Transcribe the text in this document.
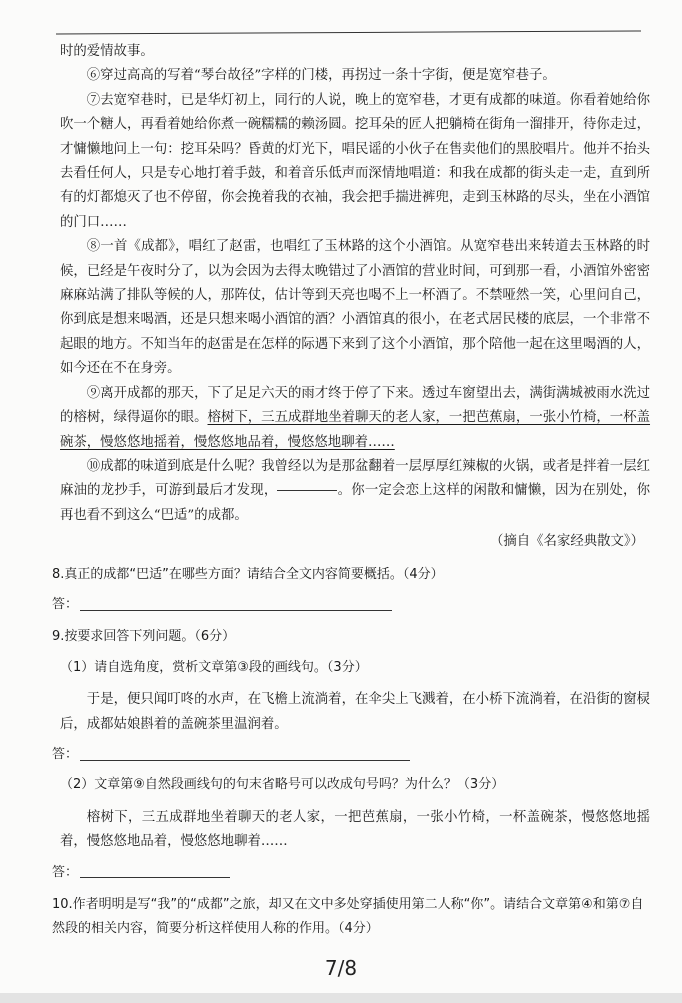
时的爱情故事。

⑥穿过高高的写着“琴台故径”字样的门楼，再拐过一条十字街，便是宽窄巷子。

⑦去宽窄巷时，已是华灯初上，同行的人说，晚上的宽窄巷，才更有成都的味道。你看着她给你吹一个糖人，再看着她给你煮一碗糯糯的赖汤圆。挖耳朵的匠人把躺椅在街角一溜排开，待你走过，才慵懒地问上一句：挖耳朵吗？昏黄的灯光下，唱民谣的小伙子在售卖他们的黑胶唱片。他并不抬头去看任何人，只是专心地打着手鼓，和着音乐低声而深情地唱道：和我在成都的街头走一走，直到所有的灯都熄灭了也不停留，你会挽着我的衣袖，我会把手揣进裤兜，走到玉林路的尽头，坐在小酒馆的门口……

⑧一首《成都》，唱红了赵雷，也唱红了玉林路的这个小酒馆。从宽窄巷出来转道去玉林路的时候，已经是午夜时分了，以为会因为去得太晚错过了小酒馆的营业时间，可到那一看，小酒馆外密密麻麻站满了排队等候的人，那阵仗，估计等到天亮也喝不上一杯酒了。不禁哑然一笑，心里问自己，你到底是想来喝酒，还是只想来喝小酒馆的酒？小酒馆真的很小，在老式居民楼的底层，一个非常不起眼的地方。不知当年的赵雷是在怎样的际遇下来到了这个小酒馆，那个陪他一起在这里喝酒的人，如今还在不在身旁。

⑨离开成都的那天，下了足足六天的雨才终于停了下来。透过车窗望出去，满街满城被雨水洗过的榕树，绿得逼你的眼。榕树下，三五成群地坐着聊天的老人家，一把芭蕉扇，一张小竹椅，一杯盖碗茶，慢悠悠地摇着，慢悠悠地品着，慢悠悠地聊着……

⑩成都的味道到底是什么呢？我曾经以为是那盆翻着一层厚厚红辣椒的火锅，或者是拌着一层红麻油的龙抄手，可游到最后才发现，	。你一定会恋上这样的闲散和慵懒，因为在别处，你再也看不到这么“巴适”的成都。

（摘自《名家经典散文》）

8.真正的成都“巴适”在哪些方面？请结合全文内容简要概括。（4分）

答：

9.按要求回答下列问题。（6分）

（1）请自选角度，赏析文章第③段的画线句。（3分）

于是，便只闻叮咚的水声，在飞檐上流淌着，在伞尖上飞溅着，在小桥下流淌着，在沿街的窗棂后，成都姑娘斟着的盖碗茶里温润着。

答：

（2）文章第⑨自然段画线句的句末省略号可以改成句号吗？为什么？（3分）

榕树下，三五成群地坐着聊天的老人家，一把芭蕉扇，一张小竹椅，一杯盖碗茶，慢悠悠地摇着，慢悠悠地品着，慢悠悠地聊着……

答：

10.作者明明是写“我”的“成都”之旅，却又在文中多处穿插使用第二人称“你”。请结合文章第④和第⑦自然段的相关内容，简要分析这样使用人称的作用。（4分）

7/8
